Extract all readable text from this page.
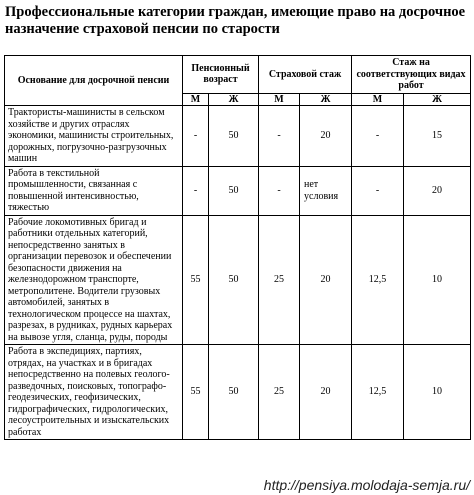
Профессиональные категории граждан, имеющие право на досрочное назначение страховой пенсии по старости
Основание для досрочной пенсии	Пенсионный возраст		Страховой стаж		Стаж на соответствующих видах работ	
	М	Ж	М	Ж	М	Ж
Трактористы-машинисты в сельском хозяйстве и других отраслях экономики, машинисты строительных, дорожных, погрузочно-разгрузочных машин	-	50	-	20	-	15
Работа в текстильной промышленности, связанная с повышенной интенсивностью, тяжестью	-	50	-	нет условия	-	20
Рабочие локомотивных бригад и работники отдельных категорий, непосредственно занятых в организации перевозок и обеспечении безопасности движения на железнодорожном транспорте, метрополитене. Водители грузовых автомобилей, занятых в технологическом процессе на шахтах, разрезах, в рудниках, рудных карьерах на вывозе угля, сланца, руды, породы	55	50	25	20	12,5	10
Работа в экспедициях, партиях, отрядах, на участках и в бригадах непосредственно на полевых геолого-разведочных, поисковых, топографо-геодезических, геофизических, гидрографических, гидрологических, лесоустроительных и изыскательских работах	55	50	25	20	12,5	10
http://pensiya.molodaja-semja.ru/
